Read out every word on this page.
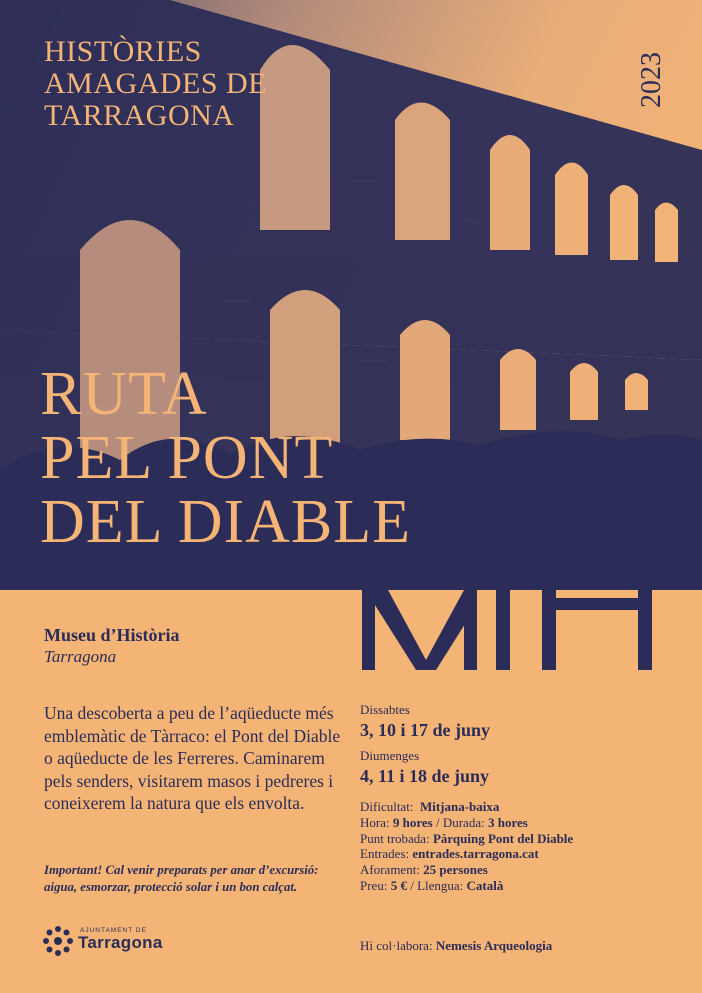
HISTÒRIES
AMAGADES DE
TARRAGONA
2023
RUTA
PEL PONT
DEL DIABLE
Museu d’Història
Tarragona
Una descoberta a peu de l’aqüeducte més emblemàtic de Tàrraco: el Pont del Diable o aqüeducte de les Ferreres. Caminarem pels senders, visitarem masos i pedreres i coneixerem la natura que els envolta.
Important! Cal venir preparats per anar d’excursió: aigua, esmorzar, protecció solar i un bon calçat.
Dissabtes
3, 10 i 17 de juny
Diumenges
4, 11 i 18 de juny
Dificultat: Mitjana-baixa
Hora: 9 hores / Durada: 3 hores
Punt trobada: Pàrquing Pont del Diable
Entrades: entrades.tarragona.cat
Aforament: 25 persones
Preu: 5 € / Llengua: Català
Hi col·labora: Nemesis Arqueologia
AJUNTAMENT DE
Tarragona
